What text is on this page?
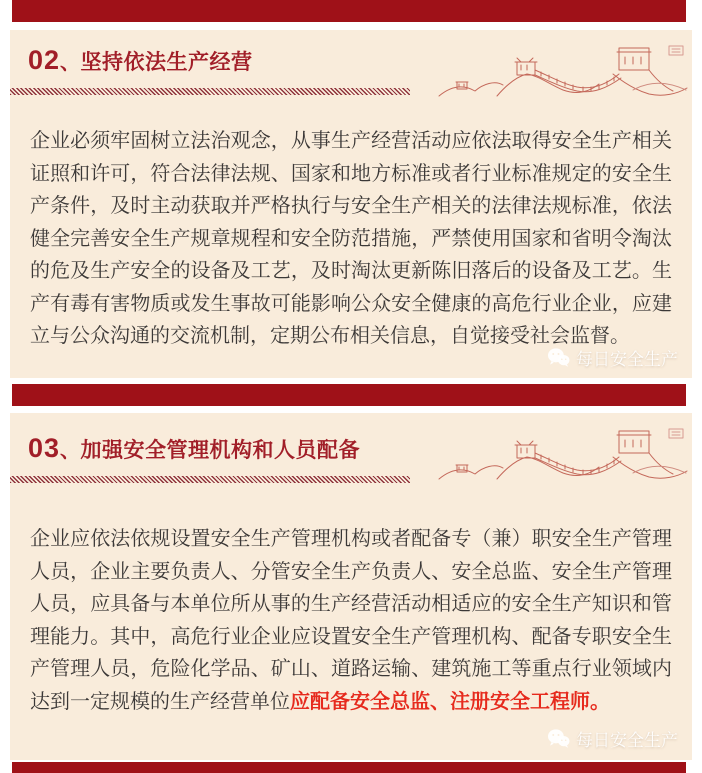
02、坚持依法生产经营

企业必须牢固树立法治观念，从事生产经营活动应依法取得安全生产相关证照和许可，符合法律法规、国家和地方标准或者行业标准规定的安全生产条件，及时主动获取并严格执行与安全生产相关的法律法规标准，依法健全完善安全生产规章规程和安全防范措施，严禁使用国家和省明令淘汰的危及生产安全的设备及工艺，及时淘汰更新陈旧落后的设备及工艺。生产有毒有害物质或发生事故可能影响公众安全健康的高危行业企业，应建立与公众沟通的交流机制，定期公布相关信息，自觉接受社会监督。

每日安全生产
03、加强安全管理机构和人员配备

企业应依法依规设置安全生产管理机构或者配备专（兼）职安全生产管理人员，企业主要负责人、分管安全生产负责人、安全总监、安全生产管理人员，应具备与本单位所从事的生产经营活动相适应的安全生产知识和管理能力。其中，高危行业企业应设置安全生产管理机构、配备专职安全生产管理人员，危险化学品、矿山、道路运输、建筑施工等重点行业领域内达到一定规模的生产经营单位应配备安全总监、注册安全工程师。

每日安全生产
